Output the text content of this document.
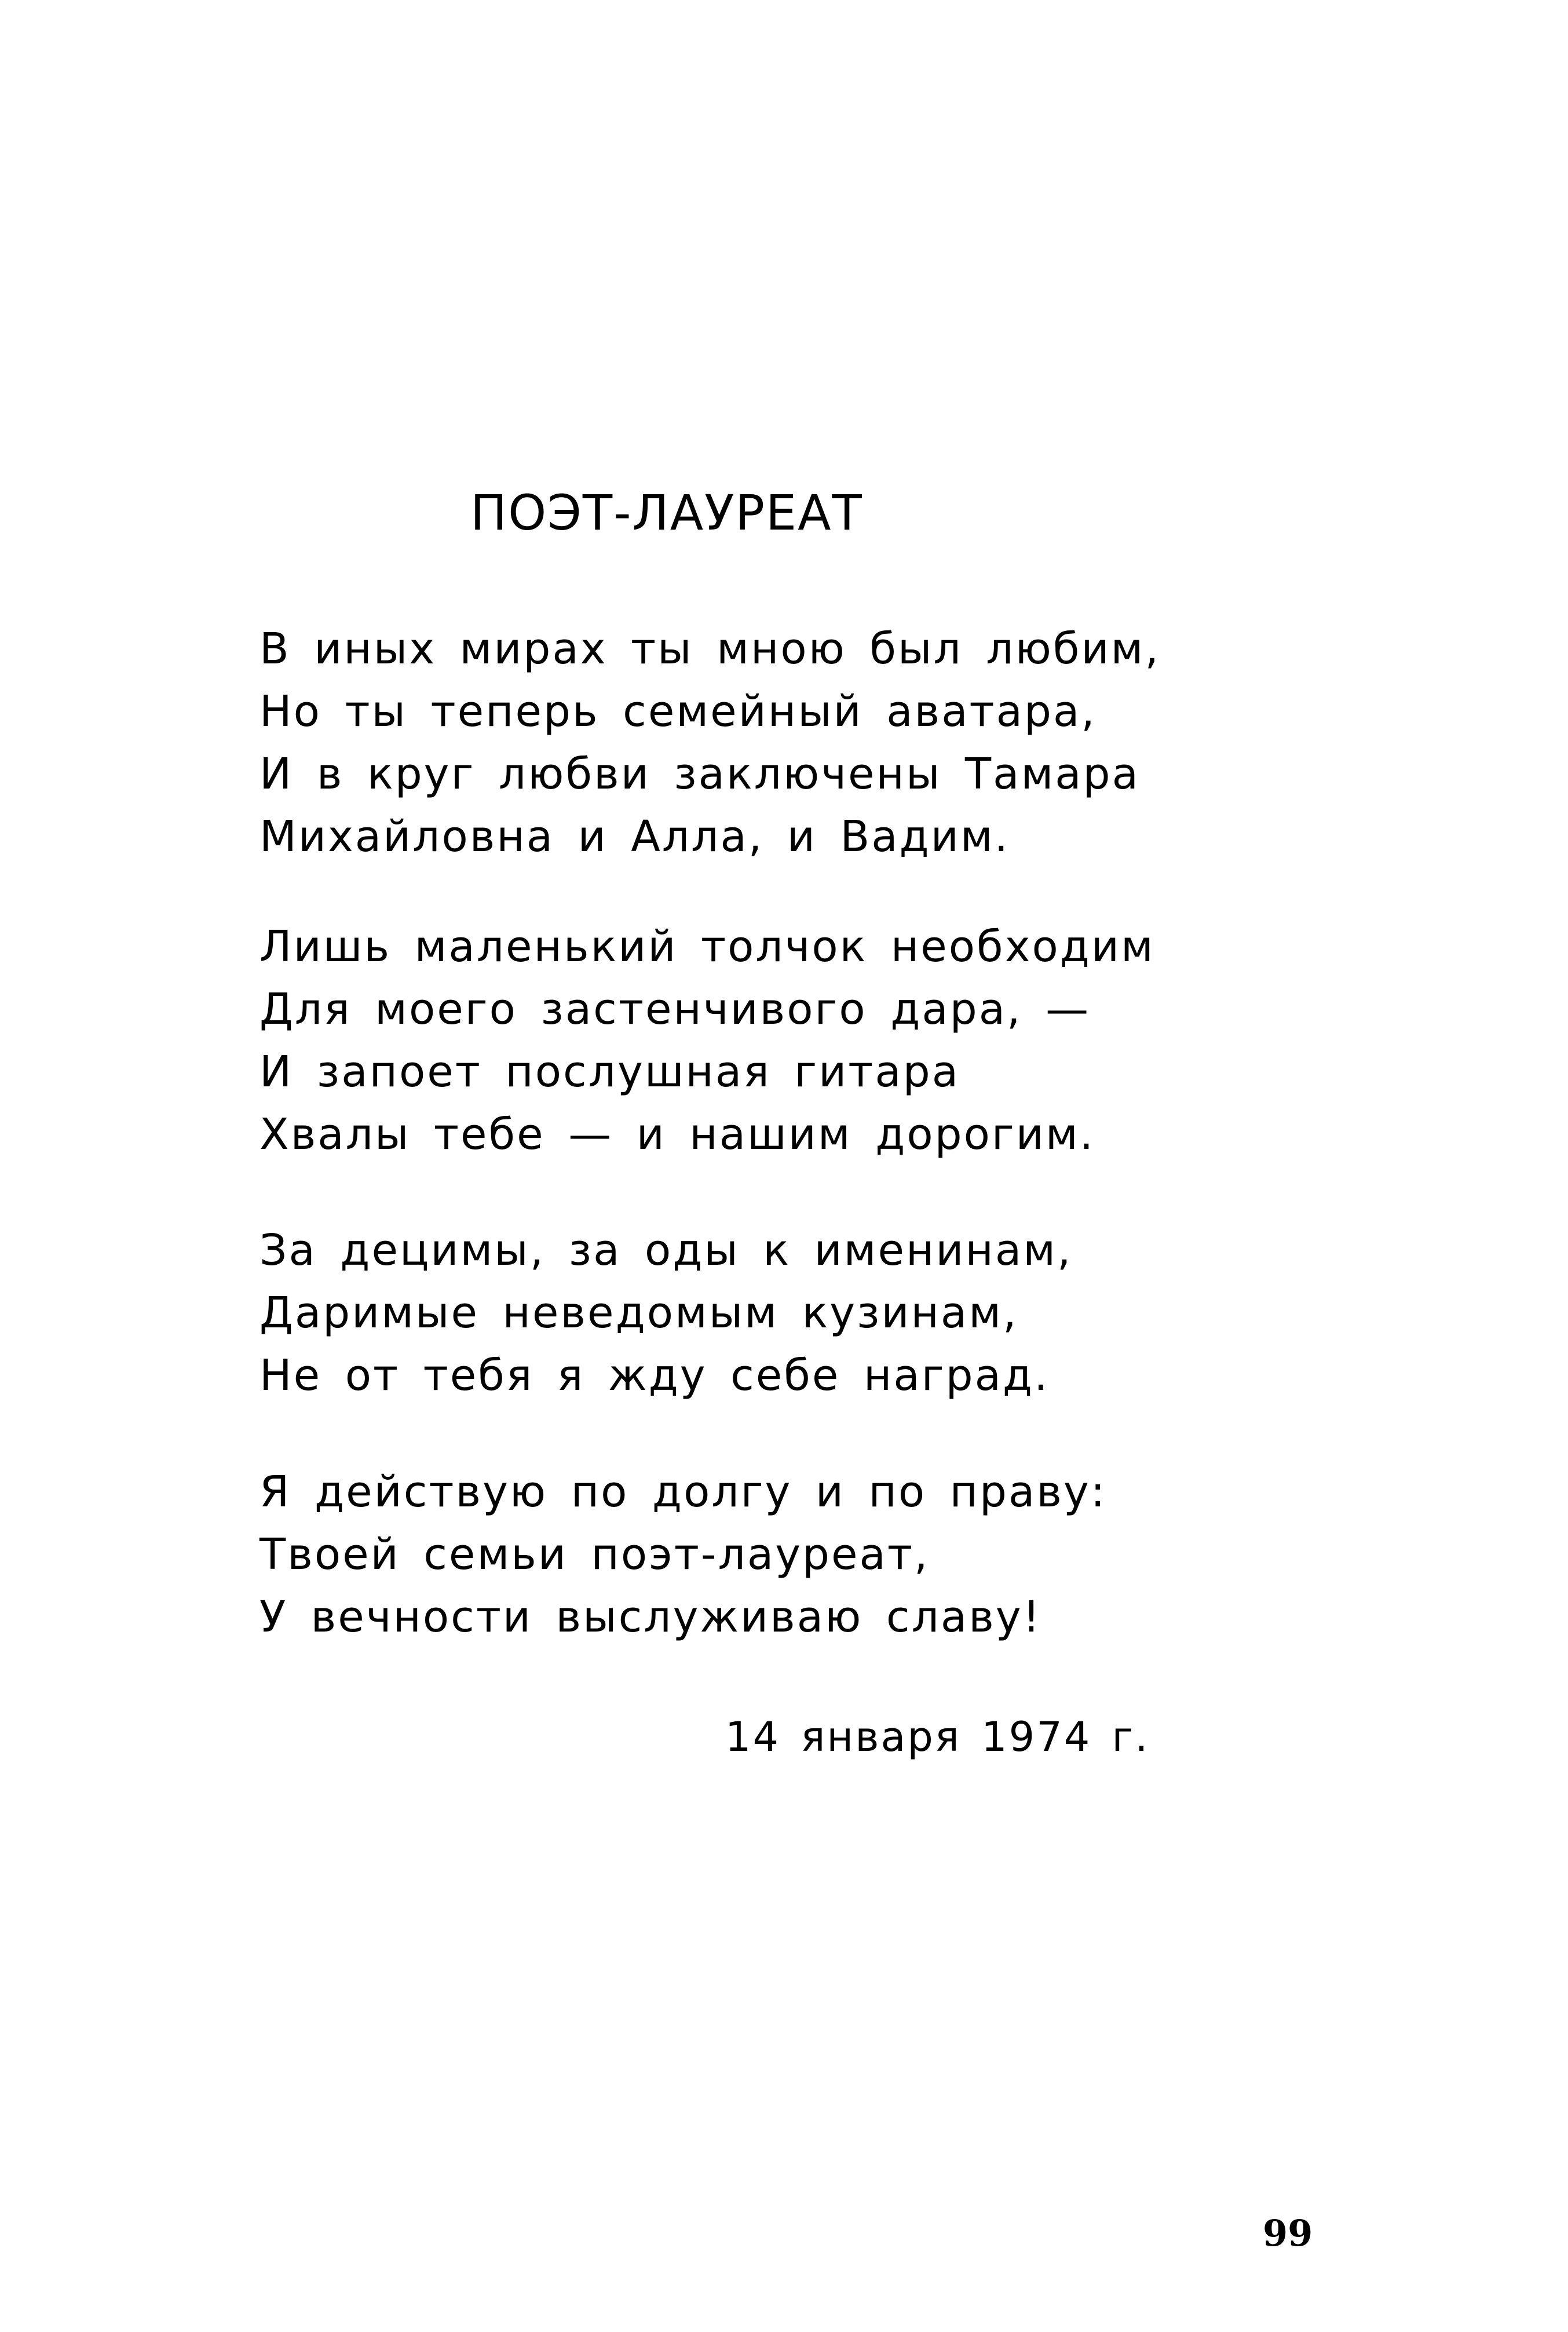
ПОЭТ-ЛАУРЕАТ
В иных мирах ты мною был любим,
Но ты теперь семейный аватара,
И в круг любви заключены Тамара
Михайловна и Алла, и Вадим.
Лишь маленький толчок необходим
Для моего застенчивого дара, —
И запоет послушная гитара
Хвалы тебе — и нашим дорогим.
За децимы, за оды к именинам,
Даримые неведомым кузинам,
Не от тебя я жду себе наград.
Я действую по долгу и по праву:
Твоей семьи поэт-лауреат,
У вечности выслуживаю славу!
14 января 1974 г.
99
